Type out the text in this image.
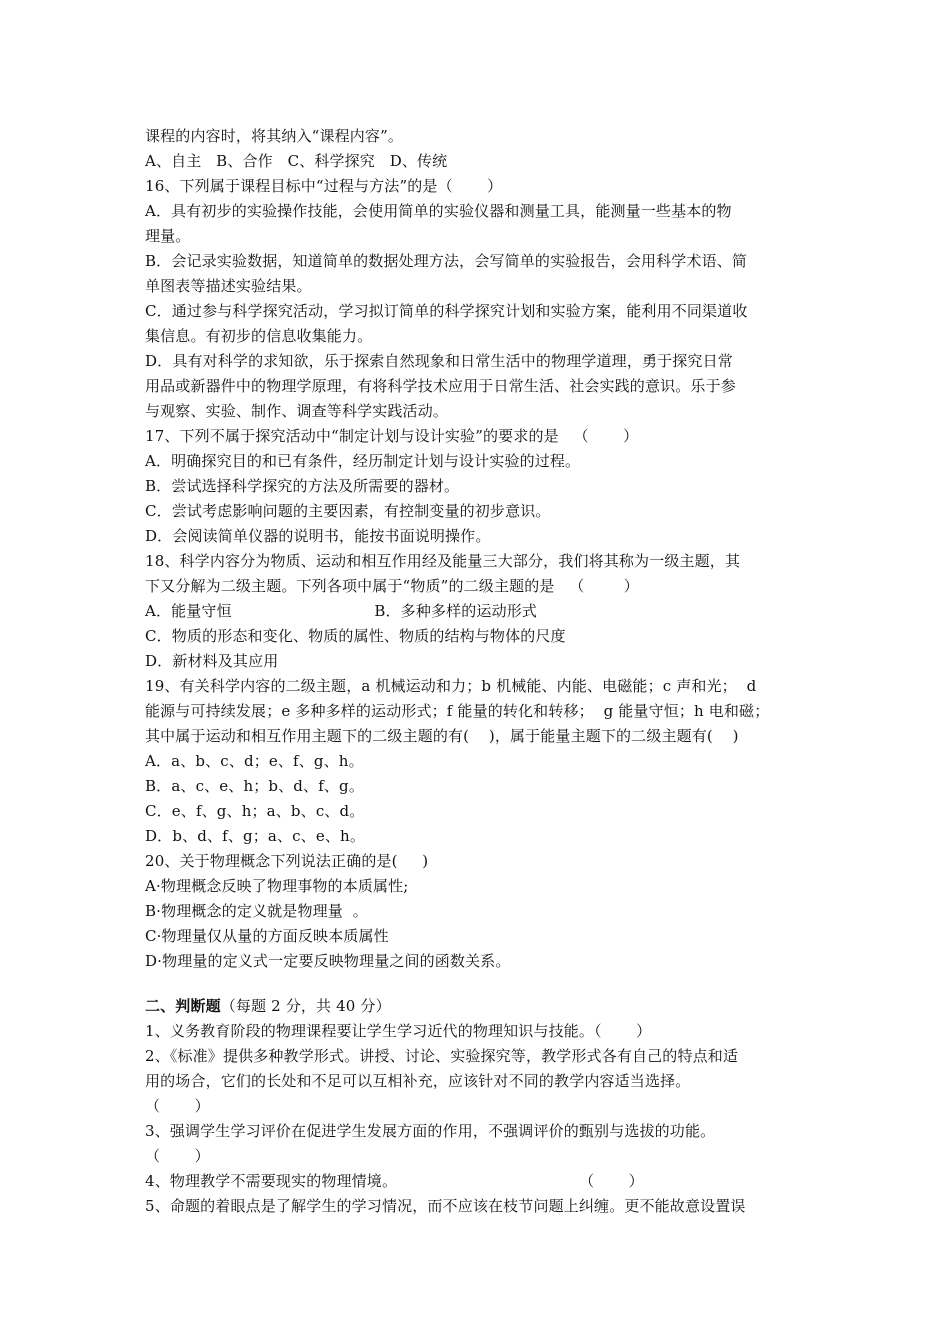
课程的内容时，将其纳入“课程内容”。
A、自主   B、合作   C、科学探究   D、传统
16、下列属于课程目标中“过程与方法”的是（       ）
A．具有初步的实验操作技能，会使用简单的实验仪器和测量工具，能测量一些基本的物
理量。
B．会记录实验数据，知道简单的数据处理方法，会写简单的实验报告，会用科学术语、简
单图表等描述实验结果。
C．通过参与科学探究活动，学习拟订简单的科学探究计划和实验方案，能利用不同渠道收
集信息。有初步的信息收集能力。
D．具有对科学的求知欲，乐于探索自然现象和日常生活中的物理学道理，勇于探究日常
用品或新器件中的物理学原理，有将科学技术应用于日常生活、社会实践的意识。乐于参
与观察、实验、制作、调查等科学实践活动。
17、下列不属于探究活动中“制定计划与设计实验”的要求的是   （       ）
A．明确探究目的和已有条件，经历制定计划与设计实验的过程。
B．尝试选择科学探究的方法及所需要的器材。
C．尝试考虑影响问题的主要因素，有控制变量的初步意识。
D．会阅读简单仪器的说明书，能按书面说明操作。
18、科学内容分为物质、运动和相互作用经及能量三大部分，我们将其称为一级主题，其
下又分解为二级主题。下列各项中属于“物质”的二级主题的是   （        ）
A．能量守恒                             B．多种多样的运动形式
C．物质的形态和变化、物质的属性、物质的结构与物体的尺度
D．新材料及其应用
19、有关科学内容的二级主题，a 机械运动和力；b 机械能、内能、电磁能；c 声和光；  d
能源与可持续发展；e 多种多样的运动形式；f 能量的转化和转移；  g 能量守恒；h 电和磁；
其中属于运动和相互作用主题下的二级主题的有(    )，属于能量主题下的二级主题有(    )
A．a、b、c、d；e、f、g、h。
B．a、c、e、h；b、d、f、g。
C．e、f、g、h；a、b、c、d。
D．b、d、f、g；a、c、e、h。
20、关于物理概念下列说法正确的是(     )
A·物理概念反映了物理事物的本质属性;
B·物理概念的定义就是物理量  。
C·物理量仅从量的方面反映本质属性
D·物理量的定义式一定要反映物理量之间的函数关系。
二、判断题（每题 2 分，共 40 分）
1、义务教育阶段的物理课程要让学生学习近代的物理知识与技能。（       ）
2、《标准》提供多种教学形式。讲授、讨论、实验探究等，教学形式各有自己的特点和适
用的场合，它们的长处和不足可以互相补充，应该针对不同的教学内容适当选择。
（       ）
3、强调学生学习评价在促进学生发展方面的作用，不强调评价的甄别与选拔的功能。
（       ）
4、物理教学不需要现实的物理情境。                                     （       ）
5、命题的着眼点是了解学生的学习情况，而不应该在枝节问题上纠缠。更不能故意设置误
